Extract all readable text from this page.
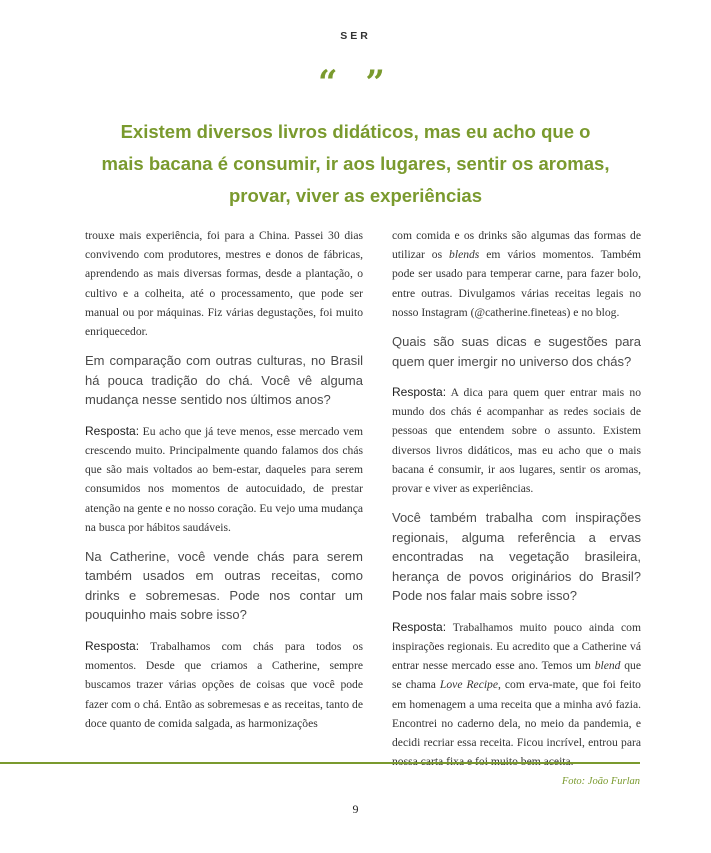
SER
“ ”
Existem diversos livros didáticos, mas eu acho que o mais bacana é consumir, ir aos lugares, sentir os aromas, provar, viver as experiências

trouxe mais experiência, foi para a China. Passei 30 dias convivendo com produtores, mestres e donos de fábricas, aprendendo as mais diversas formas, desde a plantação, o cultivo e a colheita, até o processamento, que pode ser manual ou por máquinas. Fiz várias degustações, foi muito enriquecedor.

Em comparação com outras culturas, no Brasil há pouca tradição do chá. Você vê alguma mudança nesse sentido nos últimos anos?

Resposta: Eu acho que já teve menos, esse mercado vem crescendo muito. Principalmente quando falamos dos chás que são mais voltados ao bem-estar, daqueles para serem consumidos nos momentos de autocuidado, de prestar atenção na gente e no nosso coração. Eu vejo uma mudança na busca por hábitos saudáveis.

Na Catherine, você vende chás para serem também usados em outras receitas, como drinks e sobremesas. Pode nos contar um pouquinho mais sobre isso?

Resposta: Trabalhamos com chás para todos os momentos. Desde que criamos a Catherine, sempre buscamos trazer várias opções de coisas que você pode fazer com o chá. Então as sobremesas e as receitas, tanto de doce quanto de comida salgada, as harmonizações

com comida e os drinks são algumas das formas de utilizar os blends em vários momentos. Também pode ser usado para temperar carne, para fazer bolo, entre outras. Divulgamos várias receitas legais no nosso Instagram (@catherine.fineteas) e no blog.

Quais são suas dicas e sugestões para quem quer imergir no universo dos chás?

Resposta: A dica para quem quer entrar mais no mundo dos chás é acompanhar as redes sociais de pessoas que entendem sobre o assunto. Existem diversos livros didáticos, mas eu acho que o mais bacana é consumir, ir aos lugares, sentir os aromas, provar e viver as experiências.

Você também trabalha com inspirações regionais, alguma referência a ervas encontradas na vegetação brasileira, herança de povos originários do Brasil? Pode nos falar mais sobre isso?

Resposta: Trabalhamos muito pouco ainda com inspirações regionais. Eu acredito que a Catherine vá entrar nesse mercado esse ano. Temos um blend que se chama Love Recipe, com erva-mate, que foi feito em homenagem a uma receita que a minha avó fazia. Encontrei no caderno dela, no meio da pandemia, e decidi recriar essa receita. Ficou incrível, entrou para

Foto: João Furlan
9
